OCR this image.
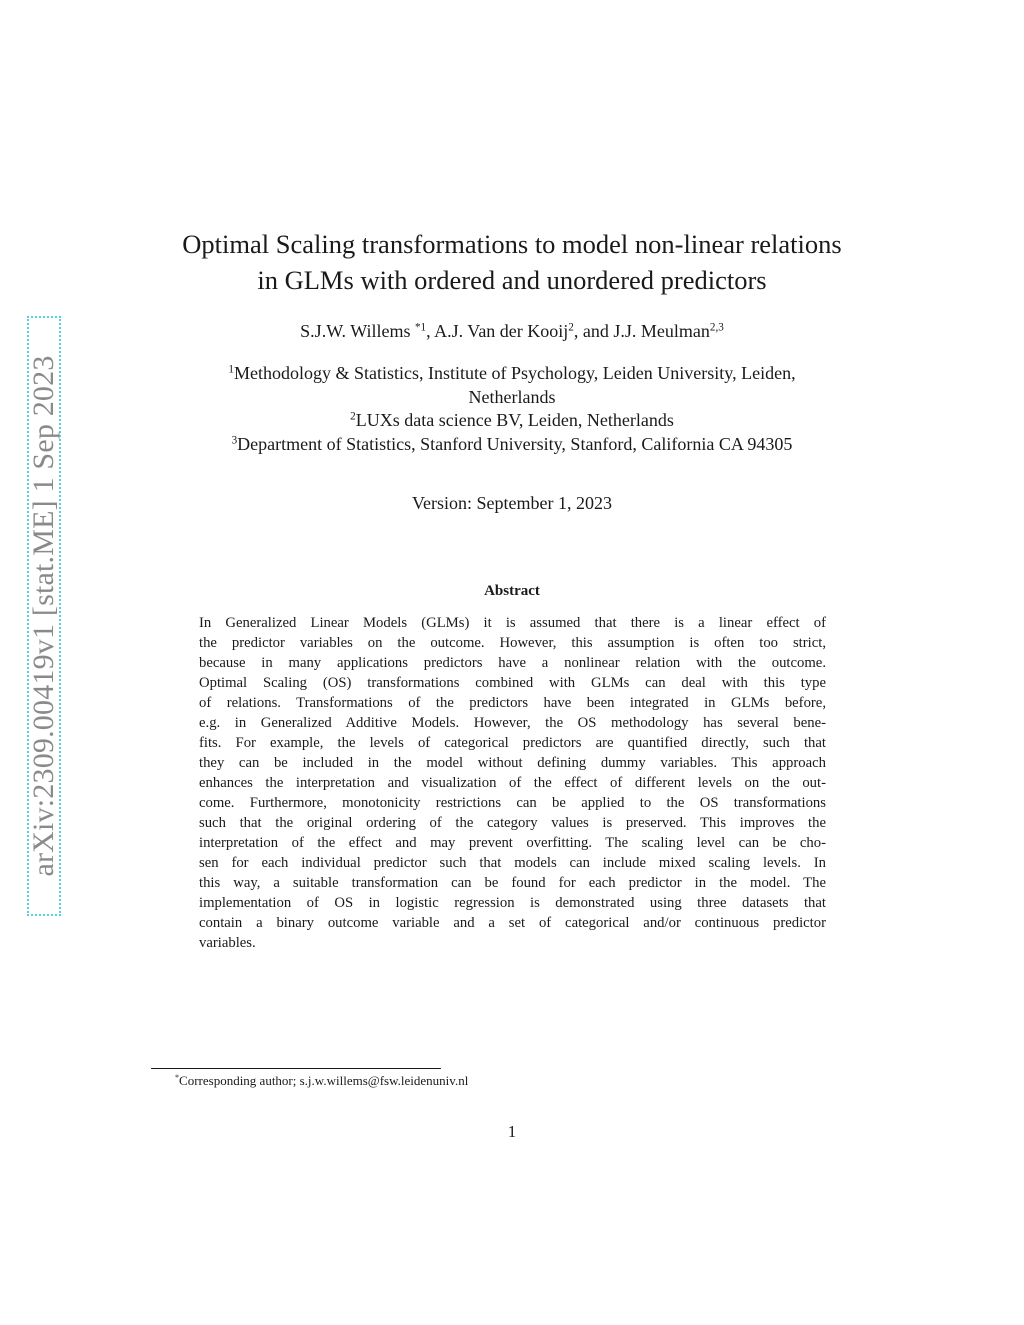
arXiv:2309.00419v1 [stat.ME] 1 Sep 2023
Optimal Scaling transformations to model non-linear relations
in GLMs with ordered and unordered predictors
S.J.W. Willems $^{*1}$, A.J. Van der Kooij$^2$, and J.J. Meulman$^{2,3}$
$^1$Methodology & Statistics, Institute of Psychology, Leiden University, Leiden,
Netherlands
$^2$LUXs data science BV, Leiden, Netherlands
$^3$Department of Statistics, Stanford University, Stanford, California CA 94305
Version: September 1, 2023
Abstract
In Generalized Linear Models (GLMs) it is assumed that there is a linear effect of
the predictor variables on the outcome. However, this assumption is often too strict,
because in many applications predictors have a nonlinear relation with the outcome.
Optimal Scaling (OS) transformations combined with GLMs can deal with this type
of relations. Transformations of the predictors have been integrated in GLMs before,
e.g. in Generalized Additive Models. However, the OS methodology has several bene-
fits. For example, the levels of categorical predictors are quantified directly, such that
they can be included in the model without defining dummy variables. This approach
enhances the interpretation and visualization of the effect of different levels on the out-
come. Furthermore, monotonicity restrictions can be applied to the OS transformations
such that the original ordering of the category values is preserved. This improves the
interpretation of the effect and may prevent overfitting. The scaling level can be cho-
sen for each individual predictor such that models can include mixed scaling levels. In
this way, a suitable transformation can be found for each predictor in the model. The
implementation of OS in logistic regression is demonstrated using three datasets that
contain a binary outcome variable and a set of categorical and/or continuous predictor
variables.
*Corresponding author; s.j.w.willems@fsw.leidenuniv.nl
1
